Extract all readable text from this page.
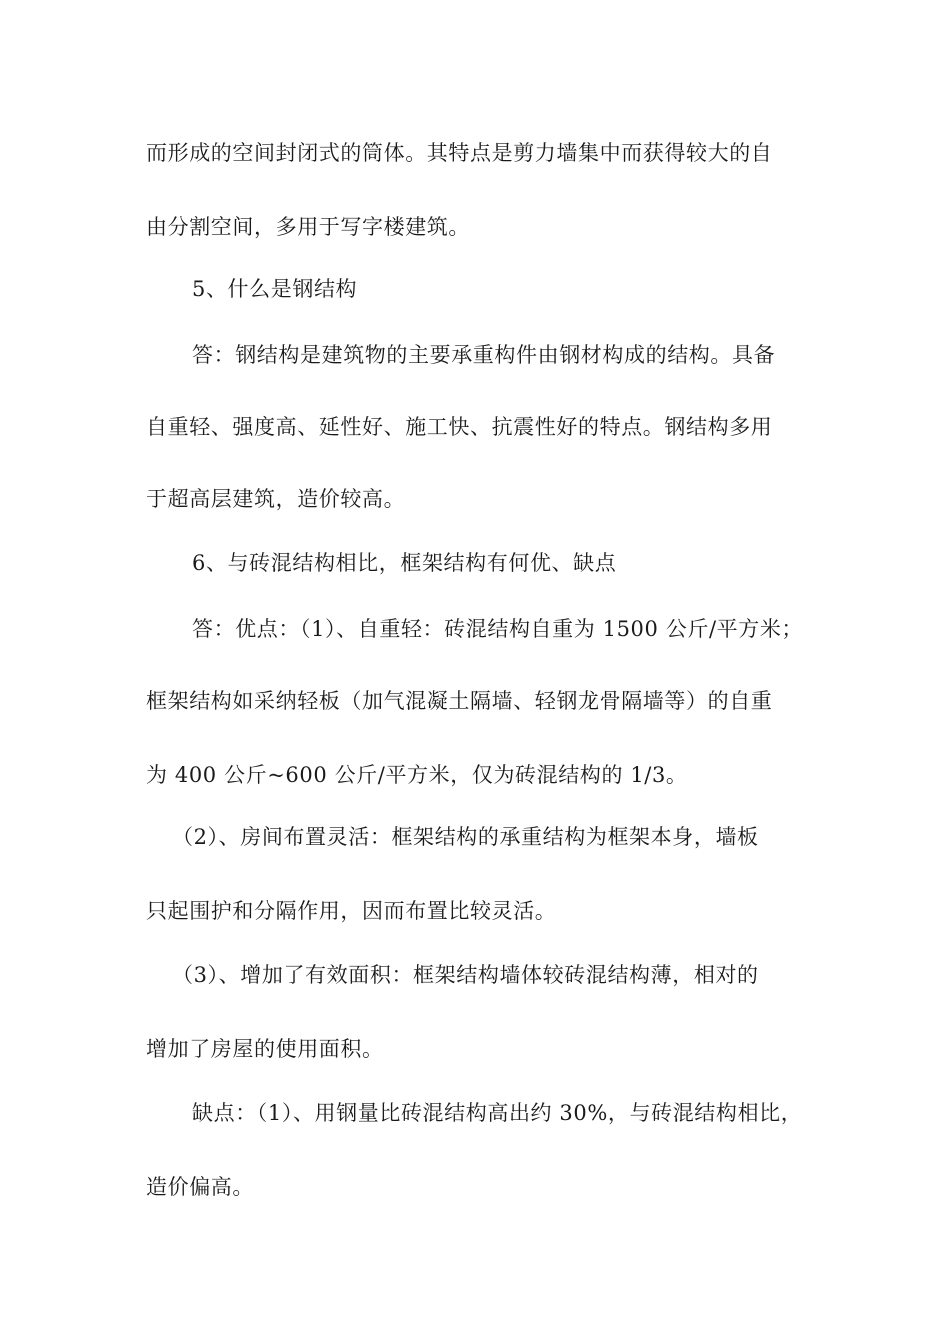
而形成的空间封闭式的筒体。其特点是剪力墙集中而获得较大的自
由分割空间，多用于写字楼建筑。
5、什么是钢结构
答：钢结构是建筑物的主要承重构件由钢材构成的结构。具备
自重轻、强度高、延性好、施工快、抗震性好的特点。钢结构多用
于超高层建筑，造价较高。
6、与砖混结构相比，框架结构有何优、缺点
答：优点：（1）、自重轻：砖混结构自重为 1500 公斤/平方米；
框架结构如采纳轻板（加气混凝土隔墙、轻钢龙骨隔墙等）的自重
为 400 公斤~600 公斤/平方米，仅为砖混结构的 1/3。
（2）、房间布置灵活：框架结构的承重结构为框架本身，墙板
只起围护和分隔作用，因而布置比较灵活。
（3）、增加了有效面积：框架结构墙体较砖混结构薄，相对的
增加了房屋的使用面积。
缺点：（1）、用钢量比砖混结构高出约 30%，与砖混结构相比，
造价偏高。
